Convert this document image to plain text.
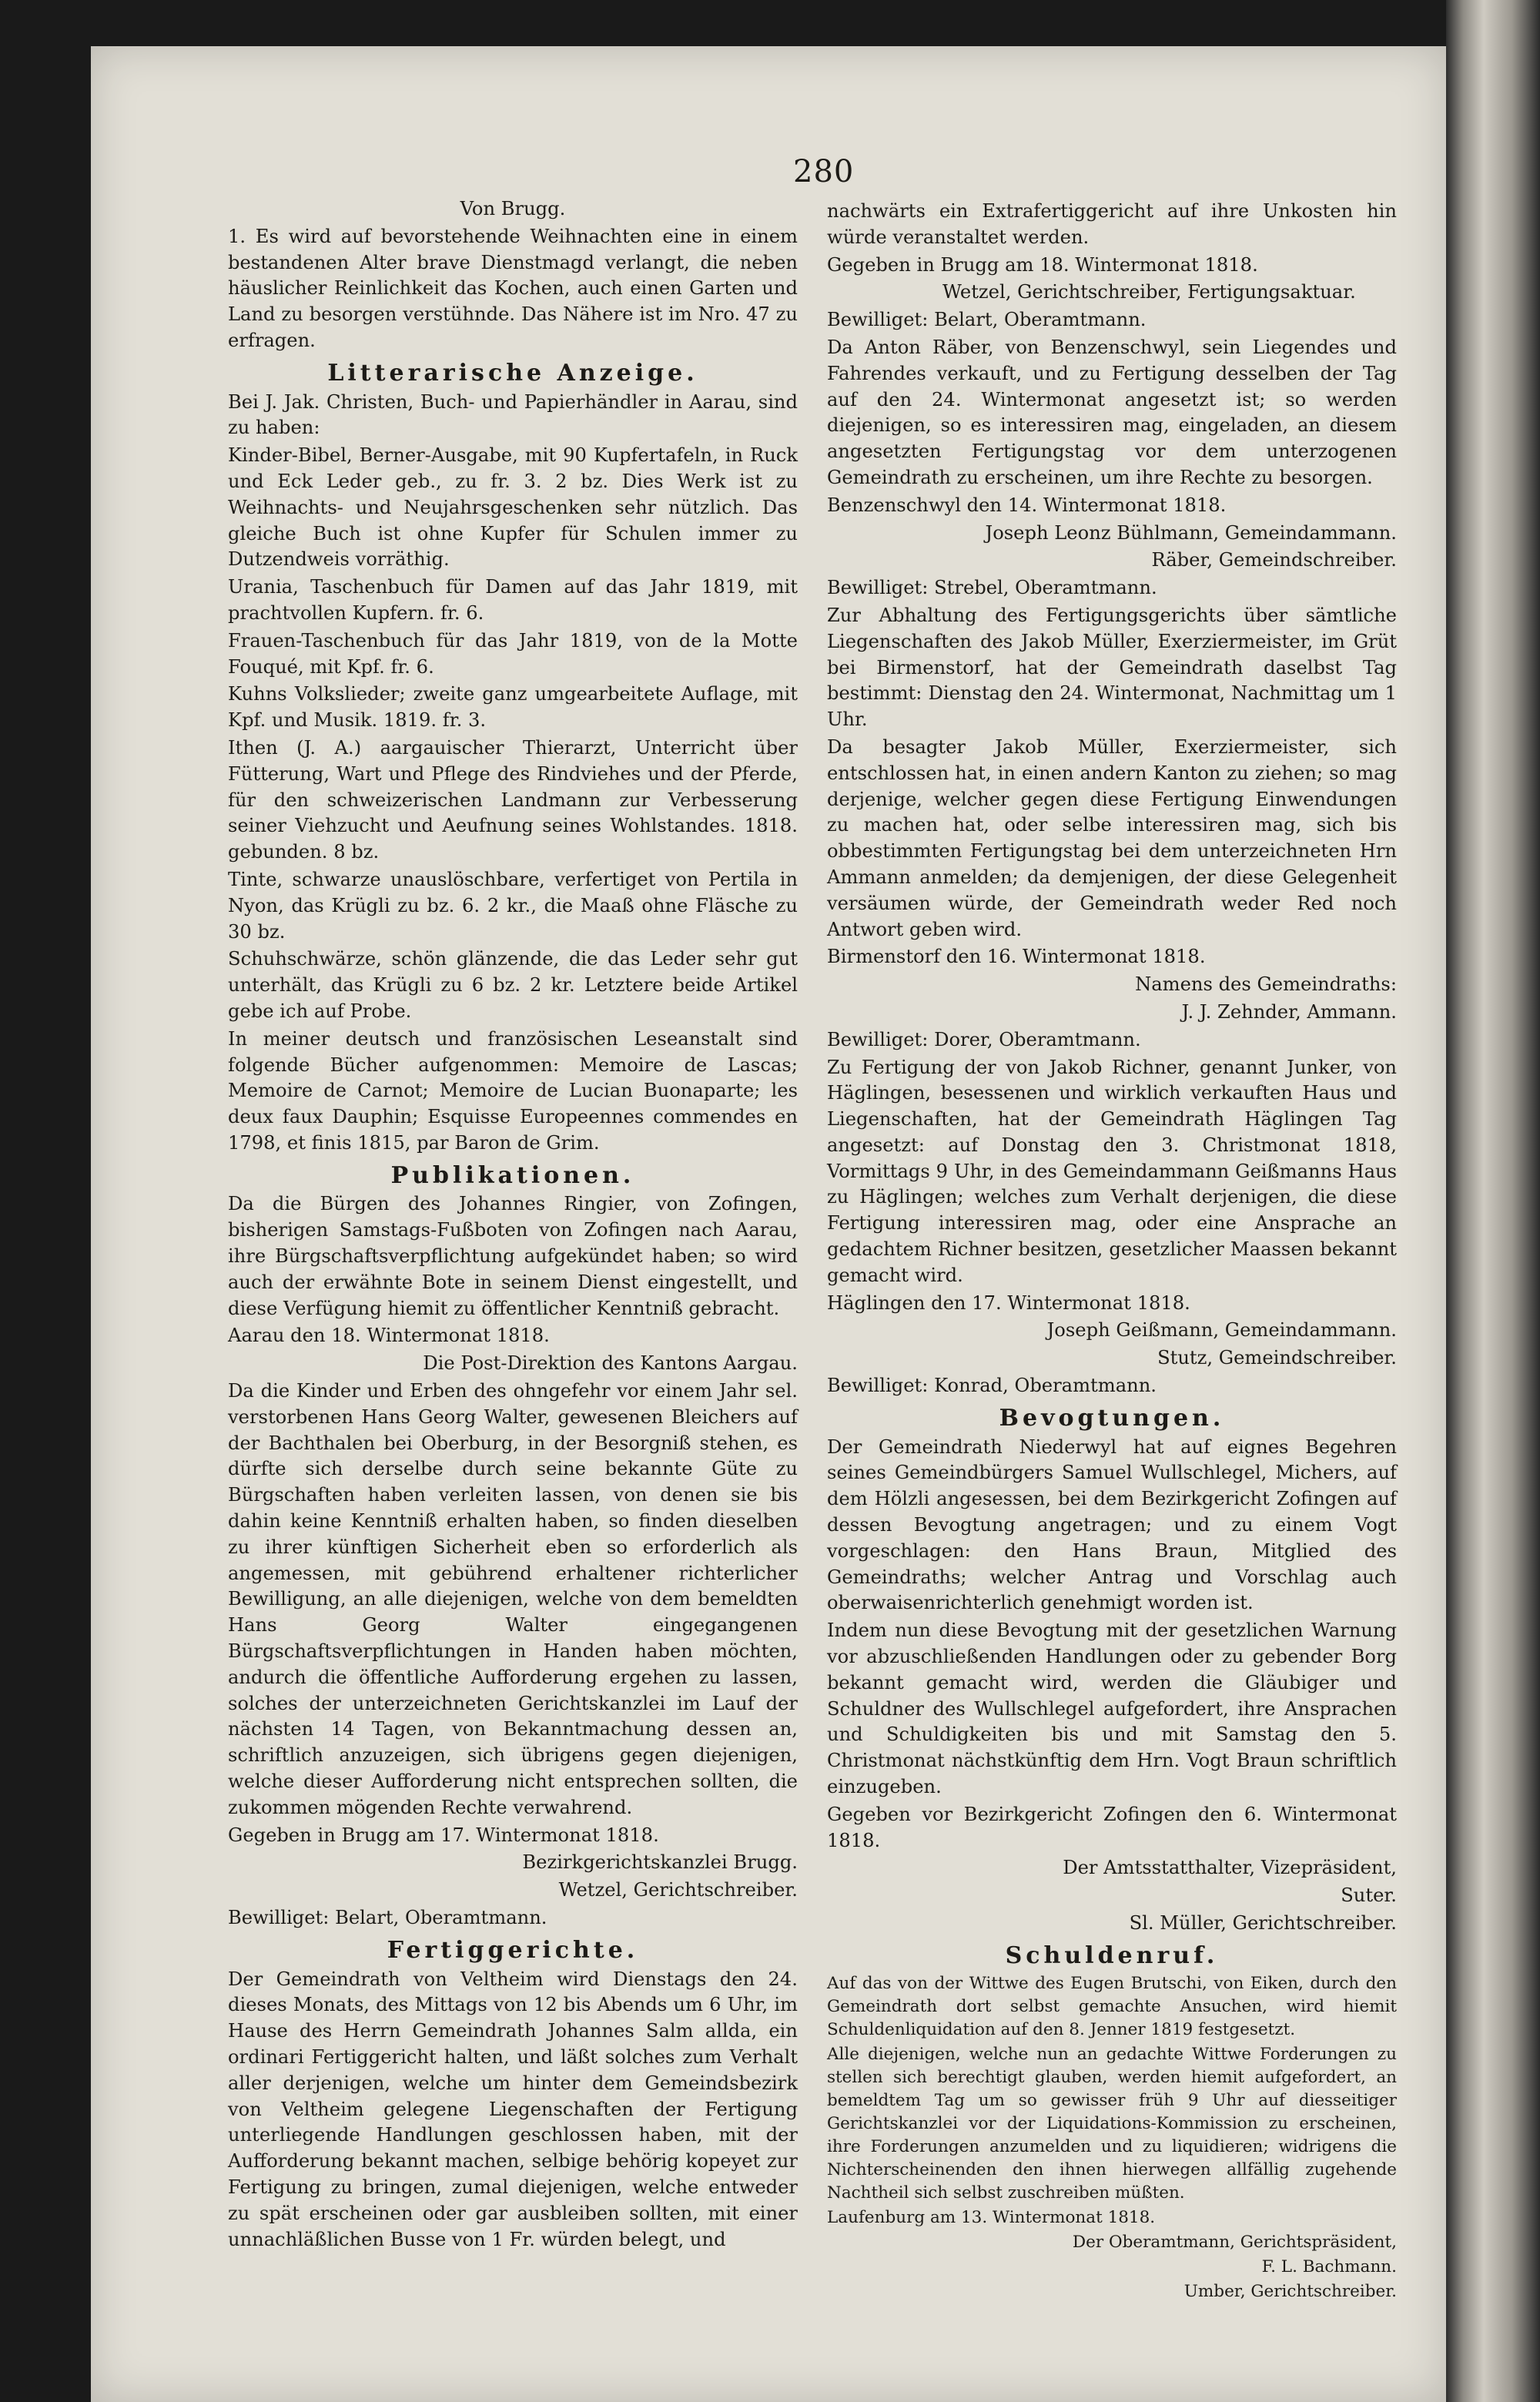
280

Von Brugg.

1. Es wird auf bevorstehende Weihnachten eine in einem bestandenen Alter brave Dienstmagd verlangt, die neben häuslicher Reinlichkeit das Kochen, auch einen Garten und Land zu besorgen verstühnde. Das Nähere ist im Nro. 47 zu erfragen.

Litterarische Anzeige.

Bei J. Jak. Christen, Buch- und Papierhändler in Aarau, sind zu haben:

Kinder-Bibel, Berner-Ausgabe, mit 90 Kupfertafeln, in Ruck und Eck Leder geb., zu fr. 3. 2 bz. Dies Werk ist zu Weihnachts- und Neujahrsgeschenken sehr nützlich. Das gleiche Buch ist ohne Kupfer für Schulen immer zu Dutzendweis vorräthig.

Urania, Taschenbuch für Damen auf das Jahr 1819, mit prachtvollen Kupfern. fr. 6.

Frauen-Taschenbuch für das Jahr 1819, von de la Motte Fouqué, mit Kpf. fr. 6.

Kuhns Volkslieder; zweite ganz umgearbeitete Auflage, mit Kpf. und Musik. 1819. fr. 3.

Ithen (J. A.) aargauischer Thierarzt, Unterricht über Fütterung, Wart und Pflege des Rindviehes und der Pferde, für den schweizerischen Landmann zur Verbesserung seiner Viehzucht und Aeufnung seines Wohlstandes. 1818. gebunden. 8 bz.

Tinte, schwarze unauslöschbare, verfertiget von Pertila in Nyon, das Krügli zu bz. 6. 2 kr., die Maaß ohne Fläsche zu 30 bz.

Schuhschwärze, schön glänzende, die das Leder sehr gut unterhält, das Krügli zu 6 bz. 2 kr. Letztere beide Artikel gebe ich auf Probe.

In meiner deutsch und französischen Leseanstalt sind folgende Bücher aufgenommen: Memoire de Lascas; Memoire de Carnot; Memoire de Lucian Buonaparte; les deux faux Dauphin; Esquisse Europeennes commendes en 1798, et finis 1815, par Baron de Grim.

Publikationen.

Da die Bürgen des Johannes Ringier, von Zofingen, bisherigen Samstags-Fußboten von Zofingen nach Aarau, ihre Bürgschaftsverpflichtung aufgekündet haben; so wird auch der erwähnte Bote in seinem Dienst eingestellt, und diese Verfügung hiemit zu öffentlicher Kenntniß gebracht.

Aarau den 18. Wintermonat 1818.

Die Post-Direktion des Kantons Aargau.

Da die Kinder und Erben des ohngefehr vor einem Jahr sel. verstorbenen Hans Georg Walter, gewesenen Bleichers auf der Bachthalen bei Oberburg, in der Besorgniß stehen, es dürfte sich derselbe durch seine bekannte Güte zu Bürgschaften haben verleiten lassen, von denen sie bis dahin keine Kenntniß erhalten haben, so finden dieselben zu ihrer künftigen Sicherheit eben so erforderlich als angemessen, mit gebührend erhaltener richterlicher Bewilligung, an alle diejenigen, welche von dem bemeldten Hans Georg Walter eingegangenen Bürgschaftsverpflichtungen in Handen haben möchten, andurch die öffentliche Aufforderung ergehen zu lassen, solches der unterzeichneten Gerichtskanzlei im Lauf der nächsten 14 Tagen, von Bekanntmachung dessen an, schriftlich anzuzeigen, sich übrigens gegen diejenigen, welche dieser Aufforderung nicht entsprechen sollten, die zukommen mögenden Rechte verwahrend.

Gegeben in Brugg am 17. Wintermonat 1818.

Bezirkgerichtskanzlei Brugg.

Wetzel, Gerichtschreiber.

Bewilliget: Belart, Oberamtmann.

Fertiggerichte.

Der Gemeindrath von Veltheim wird Dienstags den 24. dieses Monats, des Mittags von 12 bis Abends um 6 Uhr, im Hause des Herrn Gemeindrath Johannes Salm allda, ein ordinari Fertiggericht halten, und läßt solches zum Verhalt aller derjenigen, welche um hinter dem Gemeindsbezirk von Veltheim gelegene Liegenschaften der Fertigung unterliegende Handlungen geschlossen haben, mit der Aufforderung bekannt machen, selbige behörig kopeyet zur Fertigung zu bringen, zumal diejenigen, welche entweder zu spät erscheinen oder gar ausbleiben sollten, mit einer unnachläßlichen Busse von 1 Fr. würden belegt, und

nachwärts ein Extrafertiggericht auf ihre Unkosten hin würde veranstaltet werden.

Gegeben in Brugg am 18. Wintermonat 1818.

Wetzel, Gerichtschreiber, Fertigungsaktuar.

Bewilliget: Belart, Oberamtmann.

Da Anton Räber, von Benzenschwyl, sein Liegendes und Fahrendes verkauft, und zu Fertigung desselben der Tag auf den 24. Wintermonat angesetzt ist; so werden diejenigen, so es interessiren mag, eingeladen, an diesem angesetzten Fertigungstag vor dem unterzogenen Gemeindrath zu erscheinen, um ihre Rechte zu besorgen.

Benzenschwyl den 14. Wintermonat 1818.

Joseph Leonz Bühlmann, Gemeindammann.

Räber, Gemeindschreiber.

Bewilliget: Strebel, Oberamtmann.

Zur Abhaltung des Fertigungsgerichts über sämtliche Liegenschaften des Jakob Müller, Exerziermeister, im Grüt bei Birmenstorf, hat der Gemeindrath daselbst Tag bestimmt: Dienstag den 24. Wintermonat, Nachmittag um 1 Uhr.

Da besagter Jakob Müller, Exerziermeister, sich entschlossen hat, in einen andern Kanton zu ziehen; so mag derjenige, welcher gegen diese Fertigung Einwendungen zu machen hat, oder selbe interessiren mag, sich bis obbestimmten Fertigungstag bei dem unterzeichneten Hrn Ammann anmelden; da demjenigen, der diese Gelegenheit versäumen würde, der Gemeindrath weder Red noch Antwort geben wird.

Birmenstorf den 16. Wintermonat 1818.

Namens des Gemeindraths:

J. J. Zehnder, Ammann.

Bewilliget: Dorer, Oberamtmann.

Zu Fertigung der von Jakob Richner, genannt Junker, von Häglingen, besessenen und wirklich verkauften Haus und Liegenschaften, hat der Gemeindrath Häglingen Tag angesetzt: auf Donstag den 3. Christmonat 1818, Vormittags 9 Uhr, in des Gemeindammann Geißmanns Haus zu Häglingen; welches zum Verhalt derjenigen, die diese Fertigung interessiren mag, oder eine Ansprache an gedachtem Richner besitzen, gesetzlicher Maassen bekannt gemacht wird.

Häglingen den 17. Wintermonat 1818.

Joseph Geißmann, Gemeindammann.

Stutz, Gemeindschreiber.

Bewilliget: Konrad, Oberamtmann.

Bevogtungen.

Der Gemeindrath Niederwyl hat auf eignes Begehren seines Gemeindbürgers Samuel Wullschlegel, Michers, auf dem Hölzli angesessen, bei dem Bezirkgericht Zofingen auf dessen Bevogtung angetragen; und zu einem Vogt vorgeschlagen: den Hans Braun, Mitglied des Gemeindraths; welcher Antrag und Vorschlag auch oberwaisenrichterlich genehmigt worden ist.

Indem nun diese Bevogtung mit der gesetzlichen Warnung vor abzuschließenden Handlungen oder zu gebender Borg bekannt gemacht wird, werden die Gläubiger und Schuldner des Wullschlegel aufgefordert, ihre Ansprachen und Schuldigkeiten bis und mit Samstag den 5. Christmonat nächstkünftig dem Hrn. Vogt Braun schriftlich einzugeben.

Gegeben vor Bezirkgericht Zofingen den 6. Wintermonat 1818.

Der Amtsstatthalter, Vizepräsident,

Suter.

Sl. Müller, Gerichtschreiber.

Schuldenruf.

Auf das von der Wittwe des Eugen Brutschi, von Eiken, durch den Gemeindrath dort selbst gemachte Ansuchen, wird hiemit Schuldenliquidation auf den 8. Jenner 1819 festgesetzt.

Alle diejenigen, welche nun an gedachte Wittwe Forderungen zu stellen sich berechtigt glauben, werden hiemit aufgefordert, an bemeldtem Tag um so gewisser früh 9 Uhr auf diesseitiger Gerichtskanzlei vor der Liquidations-Kommission zu erscheinen, ihre Forderungen anzumelden und zu liquidieren; widrigens die Nichterscheinenden den ihnen hierwegen allfällig zugehende Nachtheil sich selbst zuschreiben müßten.

Laufenburg am 13. Wintermonat 1818.

Der Oberamtmann, Gerichtspräsident,

F. L. Bachmann.

Umber, Gerichtschreiber.
